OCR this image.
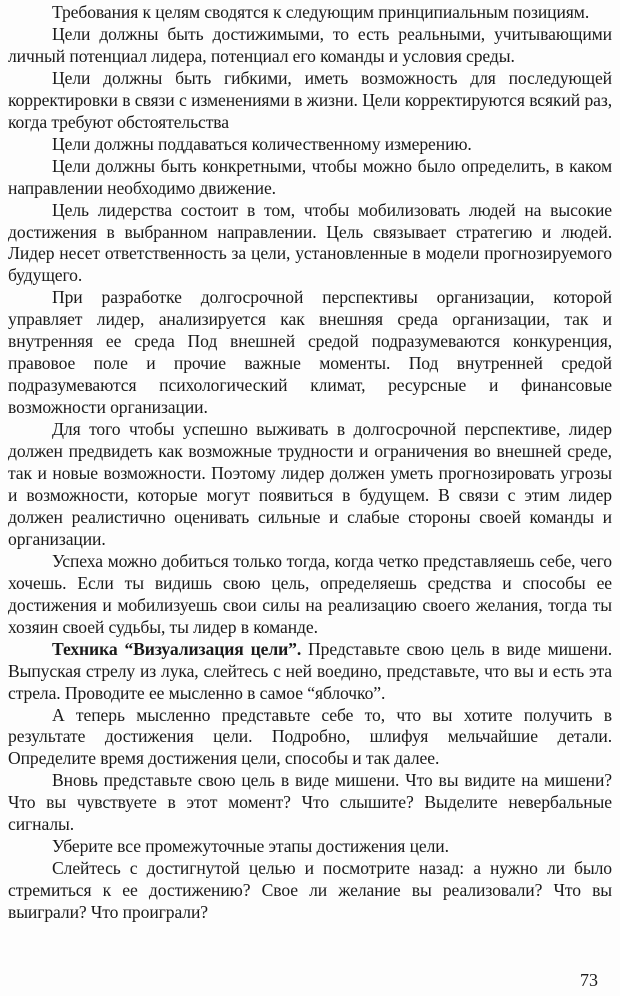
Требования к целям сводятся к следующим принципиальным позициям.

Цели должны быть достижимыми, то есть реальными, учитывающими личный потенциал лидера, потенциал его команды и условия среды.

Цели должны быть гибкими, иметь возможность для последующей корректировки в связи с изменениями в жизни. Цели корректируются всякий раз, когда требуют обстоятельства

Цели должны поддаваться количественному измерению.

Цели должны быть конкретными, чтобы можно было определить, в каком направлении необходимо движение.

Цель лидерства состоит в том, чтобы мобилизовать людей на высокие достижения в выбранном направлении. Цель связывает стратегию и людей. Лидер несет ответственность за цели, установленные в модели прогнозируемого будущего.

При разработке долгосрочной перспективы организации, которой управляет лидер, анализируется как внешняя среда организации, так и внутренняя ее среда Под внешней средой подразумеваются конкуренция, правовое поле и прочие важные моменты. Под внутренней средой подразумеваются психологический климат, ресурсные и финансовые возможности организации.

Для того чтобы успешно выживать в долгосрочной перспективе, лидер должен предвидеть как возможные трудности и ограничения во внешней среде, так и новые возможности. Поэтому лидер должен уметь прогнозировать угрозы и возможности, которые могут появиться в будущем. В связи с этим лидер должен реалистично оценивать сильные и слабые стороны своей команды и организации.

Успеха можно добиться только тогда, когда четко представляешь себе, чего хочешь. Если ты видишь свою цель, определяешь средства и способы ее достижения и мобилизуешь свои силы на реализацию своего желания, тогда ты хозяин своей судьбы, ты лидер в команде.

Техника “Визуализация цели”. Представьте свою цель в виде мишени. Выпуская стрелу из лука, слейтесь с ней воедино, представьте, что вы и есть эта стрела. Проводите ее мысленно в самое “яблочко”.

А теперь мысленно представьте себе то, что вы хотите получить в результате достижения цели. Подробно, шлифуя мельчайшие детали. Определите время достижения цели, способы и так далее.

Вновь представьте свою цель в виде мишени. Что вы видите на мишени? Что вы чувствуете в этот момент? Что слышите? Выделите невербальные сигналы.

Уберите все промежуточные этапы достижения цели.

Слейтесь с достигнутой целью и посмотрите назад: а нужно ли было стремиться к ее достижению? Свое ли желание вы реализовали? Что вы выиграли? Что проиграли?

73
